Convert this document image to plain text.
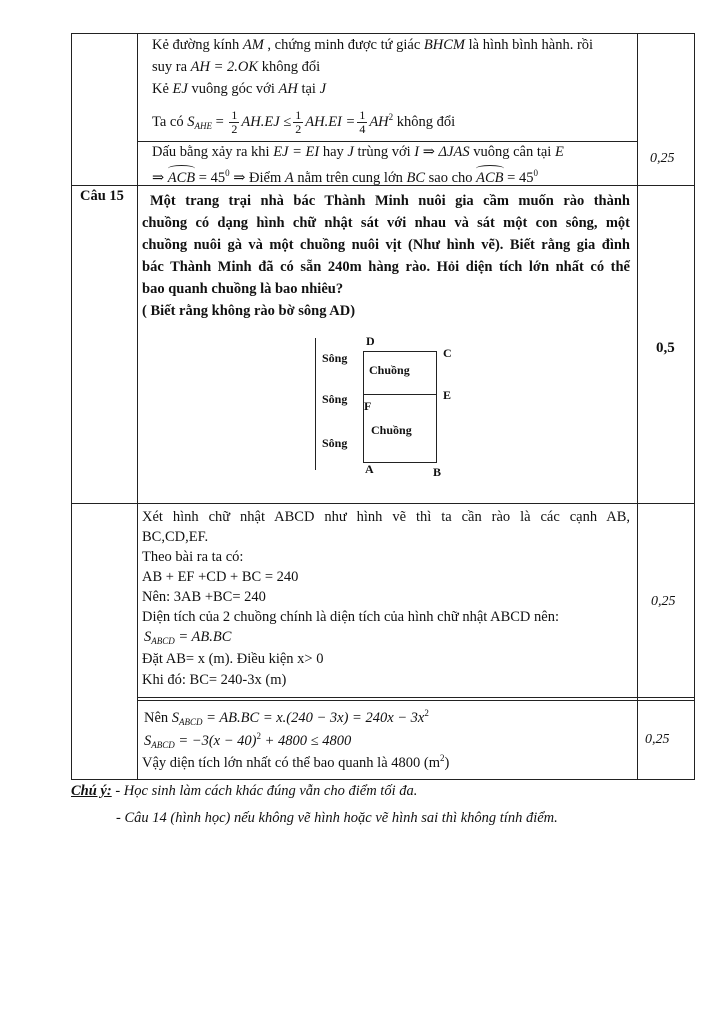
Kẻ đường kính AM , chứng minh được tứ giác BHCM là hình bình hành. rồi
suy ra AH = 2.OK không đổi
Kẻ EJ vuông góc với AH tại J
Ta có $S_{AHE} = \frac{1}{2} AH.EJ \le \frac{1}{2} AH.EI = \frac{1}{4} AH^2$ không đổi
Dấu bằng xảy ra khi EJ = EI hay J trùng với I ⇒ ΔJAS vuông cân tại E
⇒ ACB = $45^0$ ⇒ Điểm A nằm trên cung lớn BC sao cho ACB = $45^0$
0,25
Câu 15 Một trang trại nhà bác Thành Minh nuôi gia cầm muốn rào thành
chuồng có dạng hình chữ nhật sát với nhau và sát một con sông, một
chuồng nuôi gà và một chuồng nuôi vịt (Như hình vẽ). Biết rằng gia đình
bác Thành Minh đã có sẵn 240m hàng rào. Hỏi diện tích lớn nhất có thể
bao quanh chuồng là bao nhiêu?
( Biết rằng không rào bờ sông AD)
0,5
D
C
E
F
A	B
Sông
Sông
Sông
Chuồng
Chuồng
Xét hình chữ nhật ABCD như hình vẽ thì ta cần rào là các cạnh AB,
BC,CD,EF.
Theo bài ra ta có:
AB + EF +CD + BC = 240
Nên: 3AB +BC= 240
Diện tích của 2 chuồng chính là diện tích của hình chữ nhật ABCD nên:
$S_{ABCD} = AB.BC$
Đặt AB= x (m). Điều kiện x> 0
Khi đó: BC= 240-3x (m)
0,25
Nên $S_{ABCD} = AB.BC = x.(240 - 3x) = 240x - 3x^2$
$S_{ABCD} = -3(x - 40)^2 + 4800 \le 4800$
Vậy diện tích lớn nhất có thể bao quanh là 4800 $(m^2)$
0,25
Chú ý: - Học sinh làm cách khác đúng vẫn cho điểm tối đa.
- Câu 14 (hình học) nếu không vẽ hình hoặc vẽ hình sai thì không tính điểm.
